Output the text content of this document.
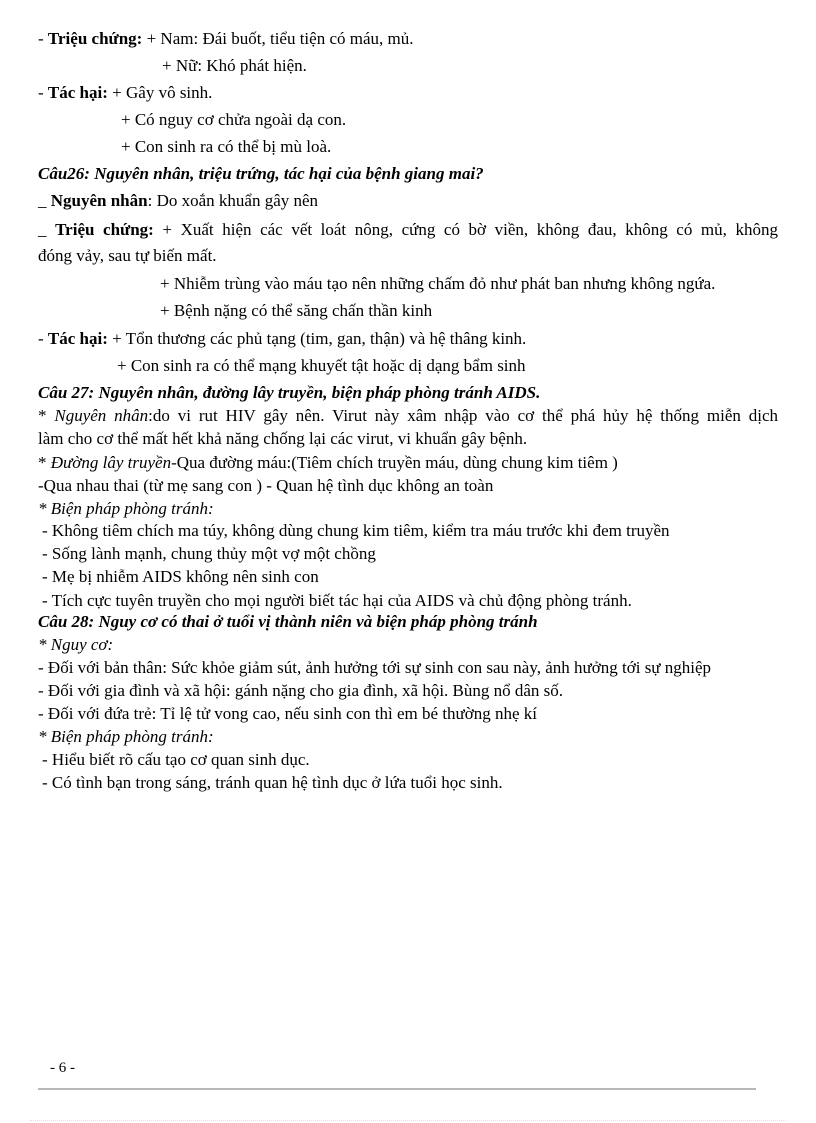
- Triệu chứng: + Nam: Đái buốt, tiểu tiện có máu, mủ.
+ Nữ: Khó phát hiện.
- Tác hại: + Gây vô sinh.
+ Có nguy cơ chửa ngoài dạ con.
+ Con sinh ra có thể bị mù loà.
Câu26: Nguyên nhân, triệu trứng, tác hại của bệnh giang mai?
_ Nguyên nhân: Do xoắn khuẩn gây nên
_ Triệu chứng: + Xuất hiện các vết loát nông, cứng có bờ viền, không đau, không có mủ, không
đóng vảy, sau tự biến mất.
+ Nhiễm trùng vào máu tạo nên những chấm đỏ như phát ban nhưng không ngứa.
+ Bệnh nặng có thể săng chấn thần kinh
- Tác hại: + Tổn thương các phủ tạng (tim, gan, thận) và hệ thâng kinh.
+ Con sinh ra có thể mạng khuyết tật hoặc dị dạng bẩm sinh
Câu 27: Nguyên nhân, đường lây truyền, biện pháp phòng tránh AIDS.
* Nguyên nhân:do vi rut HIV gây nên. Virut này xâm nhập vào cơ thể phá hủy hệ thống miễn dịch
làm cho cơ thể mất hết khả năng chống lại các virut, vi khuẩn gây bệnh.
* Đường lây truyền-Qua đường máu:(Tiêm chích truyền máu, dùng chung kim tiêm )
-Qua nhau thai (từ mẹ sang con ) - Quan hệ tình dục không an toàn
* Biện pháp phòng tránh:
- Không tiêm chích ma túy, không dùng chung kim tiêm, kiểm tra máu trước khi đem truyền
- Sống lành mạnh, chung thủy một vợ một chồng
- Mẹ bị nhiễm AIDS không nên sinh con
- Tích cực tuyên truyền cho mọi người biết tác hại của AIDS và chủ động phòng tránh.
Câu 28: Nguy cơ có thai ở tuổi vị thành niên và biện pháp phòng tránh
* Nguy cơ:
- Đối với bản thân: Sức khỏe giảm sút, ảnh hưởng tới sự sinh con sau này, ảnh hưởng tới sự nghiệp
- Đối với gia đình và xã hội: gánh nặng cho gia đình, xã hội. Bùng nổ dân số.
- Đối với đứa trẻ: Tỉ lệ tử vong cao, nếu sinh con thì em bé thường nhẹ kí
* Biện pháp phòng tránh:
- Hiểu biết rõ cấu tạo cơ quan sinh dục.
- Có tình bạn trong sáng, tránh quan hệ tình dục ở lứa tuổi học sinh.
- 6 -
